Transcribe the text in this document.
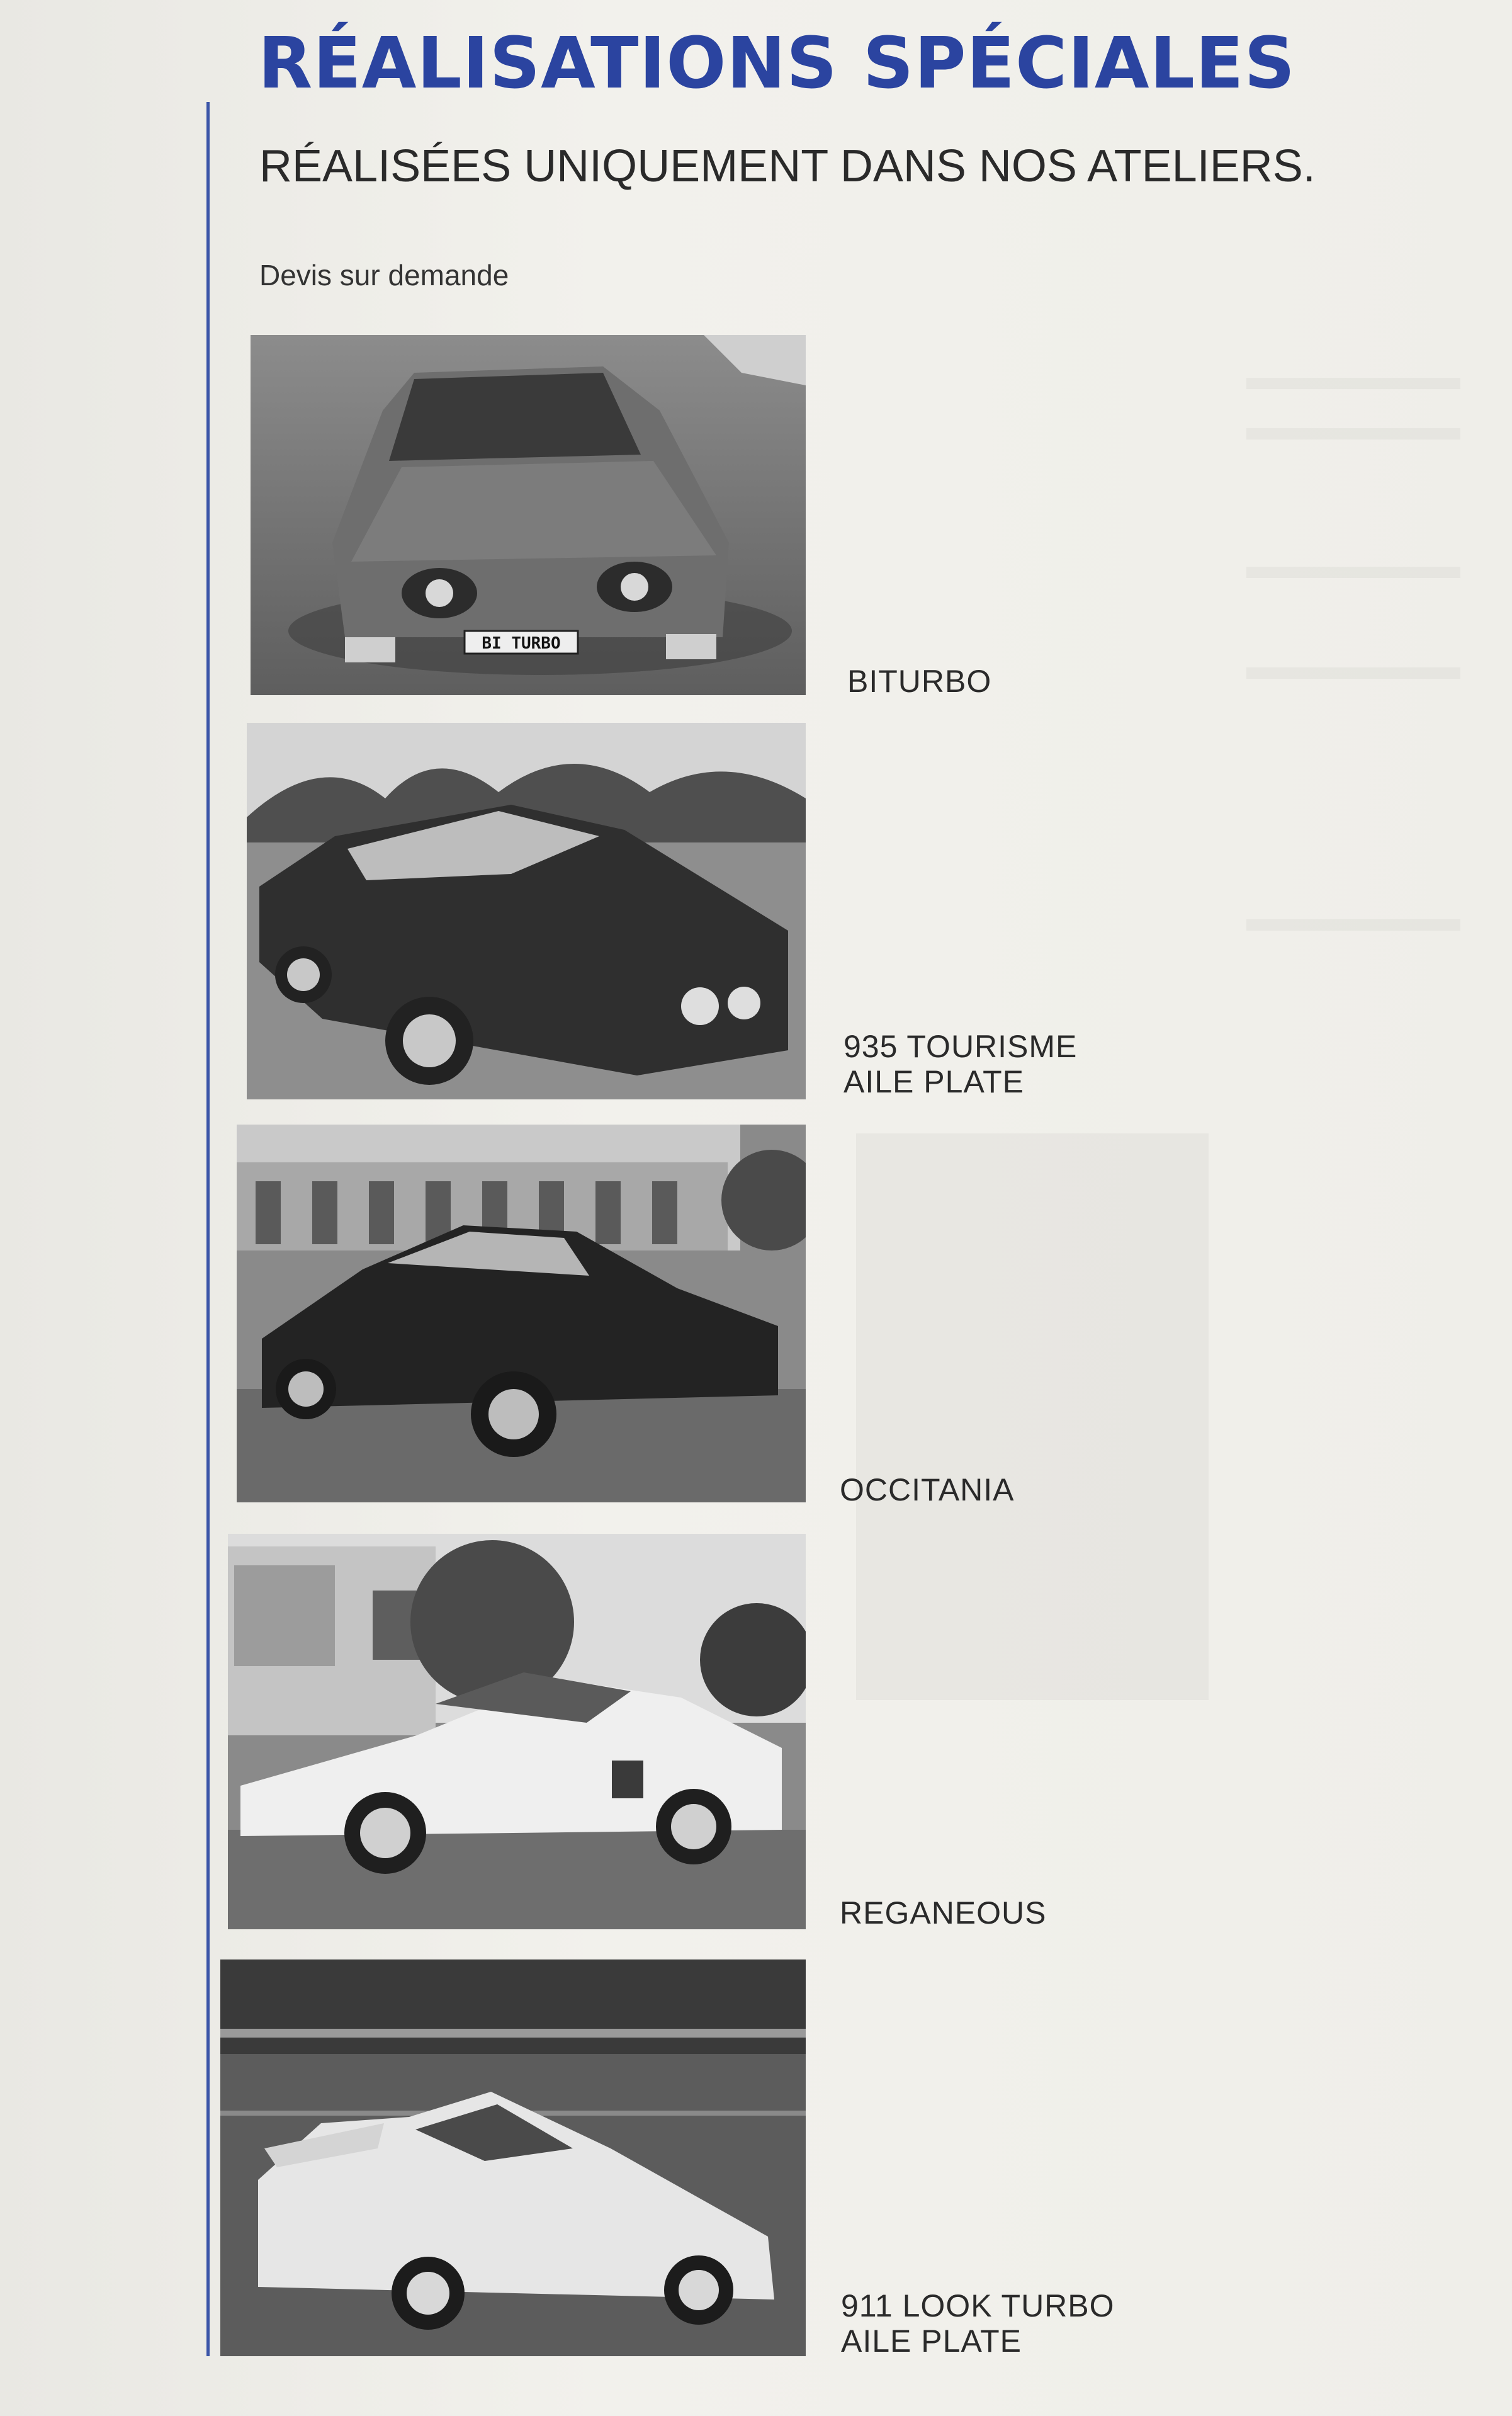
RÉALISATIONS SPÉCIALES
RÉALISÉES UNIQUEMENT DANS NOS ATELIERS.
Devis sur demande
BI TURBO
BITURBO
935 TOURISME
AILE PLATE
OCCITANIA
REGANEOUS
911 LOOK TURBO
AILE PLATE
